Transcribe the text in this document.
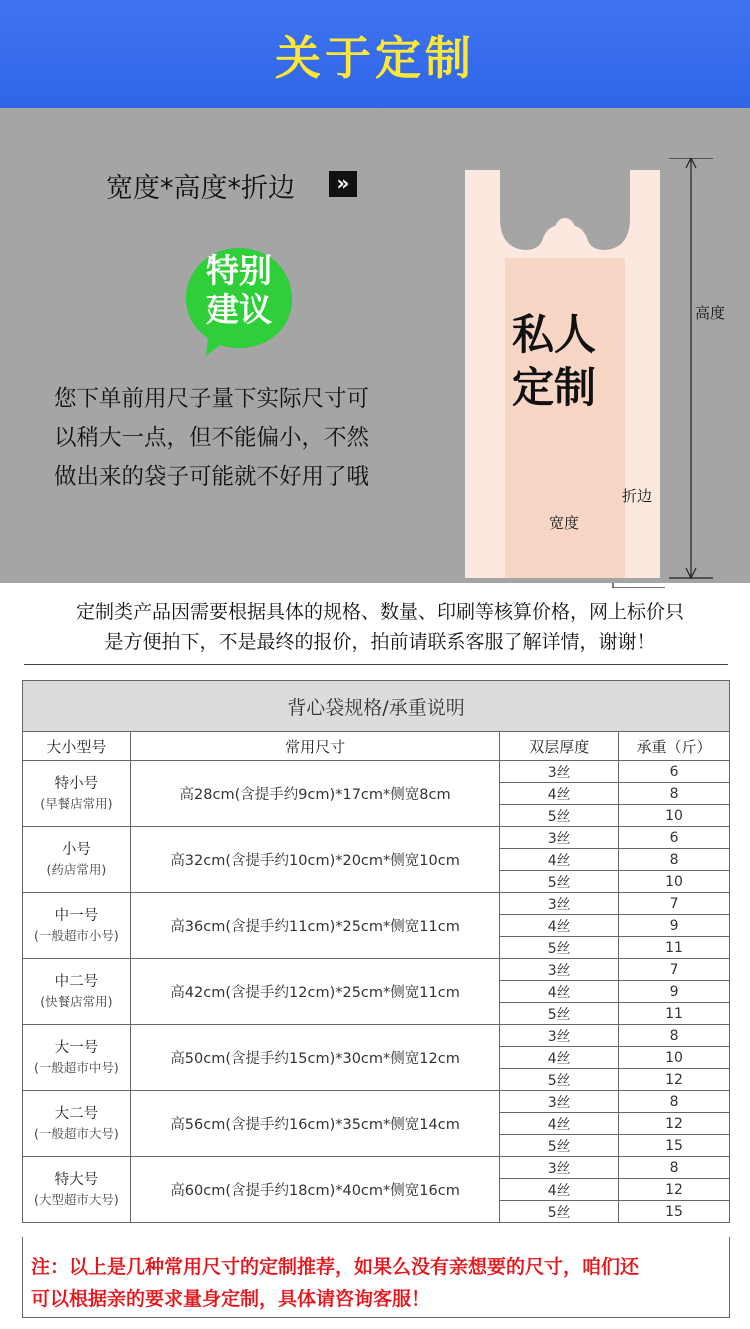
关于定制
宽度*高度*折边	»
特别
建议
您下单前用尺子量下实际尺寸可
以稍大一点，但不能偏小，不然
做出来的袋子可能就不好用了哦
私人
定制
高度
折边
宽度
定制类产品因需要根据具体的规格、数量、印刷等核算价格，网上标价只
是方便拍下，不是最终的报价，拍前请联系客服了解详情，谢谢！
背心袋规格/承重说明			
大小型号	常用尺寸	双层厚度	承重（斤）

特小号
(早餐店常用)	高28cm(含提手约9cm)*17cm*侧宽8cm	3丝	6
		4丝	8
		5丝	10

小号
(药店常用)	高32cm(含提手约10cm)*20cm*侧宽10cm	3丝	6
		4丝	8
		5丝	10

中一号
(一般超市小号)	高36cm(含提手约11cm)*25cm*侧宽11cm	3丝	7
		4丝	9
		5丝	11

中二号
(快餐店常用)	高42cm(含提手约12cm)*25cm*侧宽11cm	3丝	7
		4丝	9
		5丝	11

大一号
(一般超市中号)	高50cm(含提手约15cm)*30cm*侧宽12cm	3丝	8
		4丝	10
		5丝	12

大二号
(一般超市大号)	高56cm(含提手约16cm)*35cm*侧宽14cm	3丝	8
		4丝	12
		5丝	15

特大号
(大型超市大号)	高60cm(含提手约18cm)*40cm*侧宽16cm	3丝	8
		4丝	12
		5丝	15
注：以上是几种常用尺寸的定制推荐，如果么没有亲想要的尺寸，咱们还
可以根据亲的要求量身定制，具体请咨询客服！
